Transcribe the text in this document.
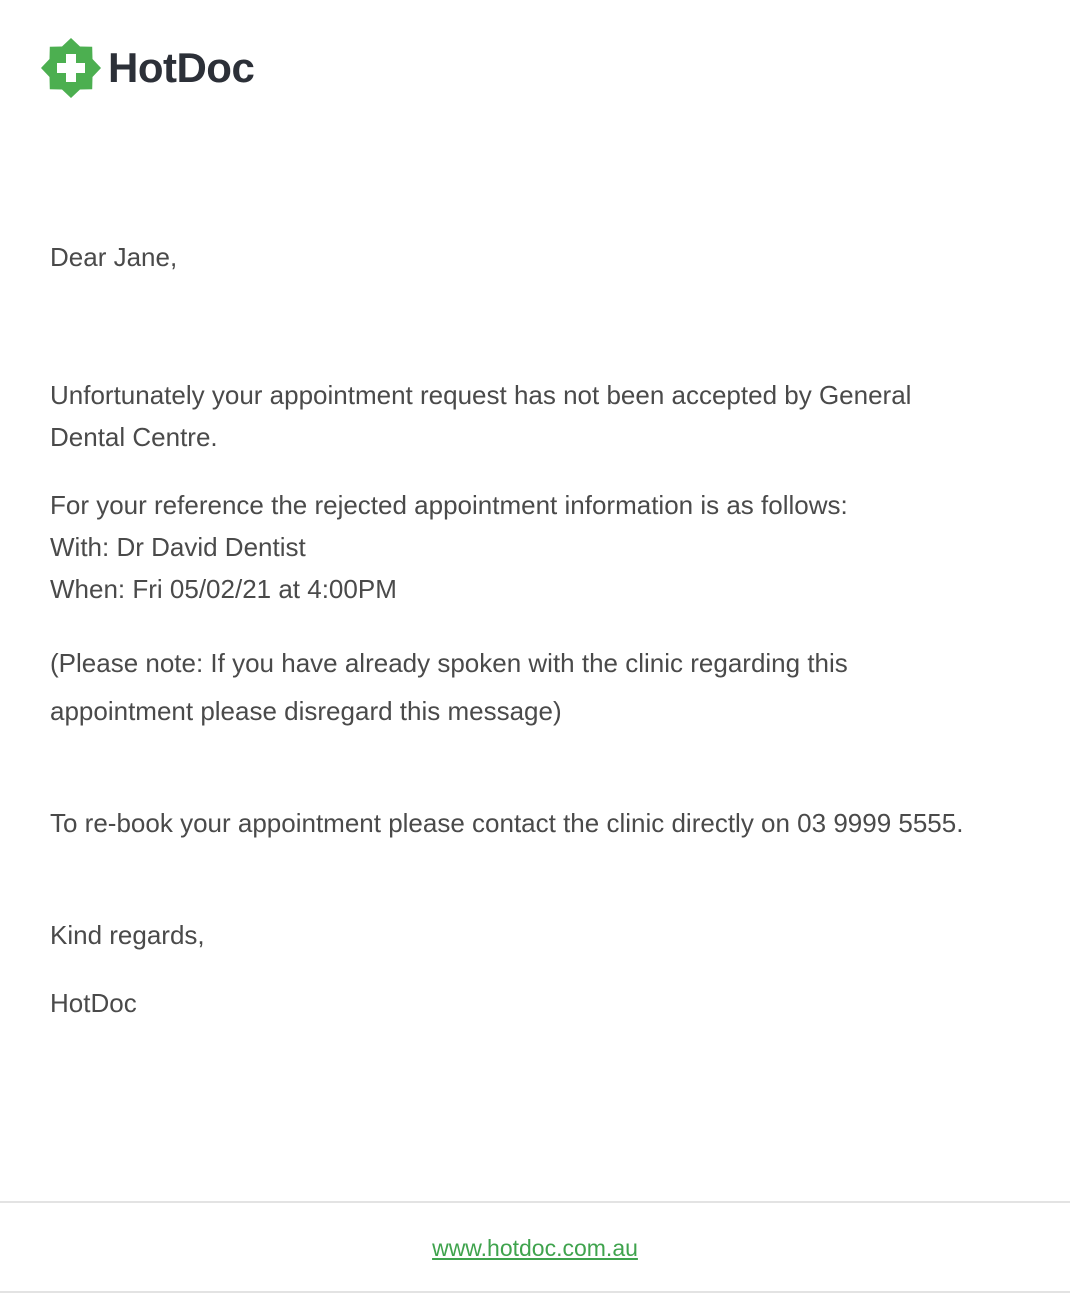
HotDoc
Dear Jane,
Unfortunately your appointment request has not been accepted by General
Dental Centre.
For your reference the rejected appointment information is as follows:
With: Dr David Dentist
When: Fri 05/02/21 at 4:00PM
(Please note: If you have already spoken with the clinic regarding this
appointment please disregard this message)
To re-book your appointment please contact the clinic directly on 03 9999 5555.
Kind regards,
HotDoc
www.hotdoc.com.au
